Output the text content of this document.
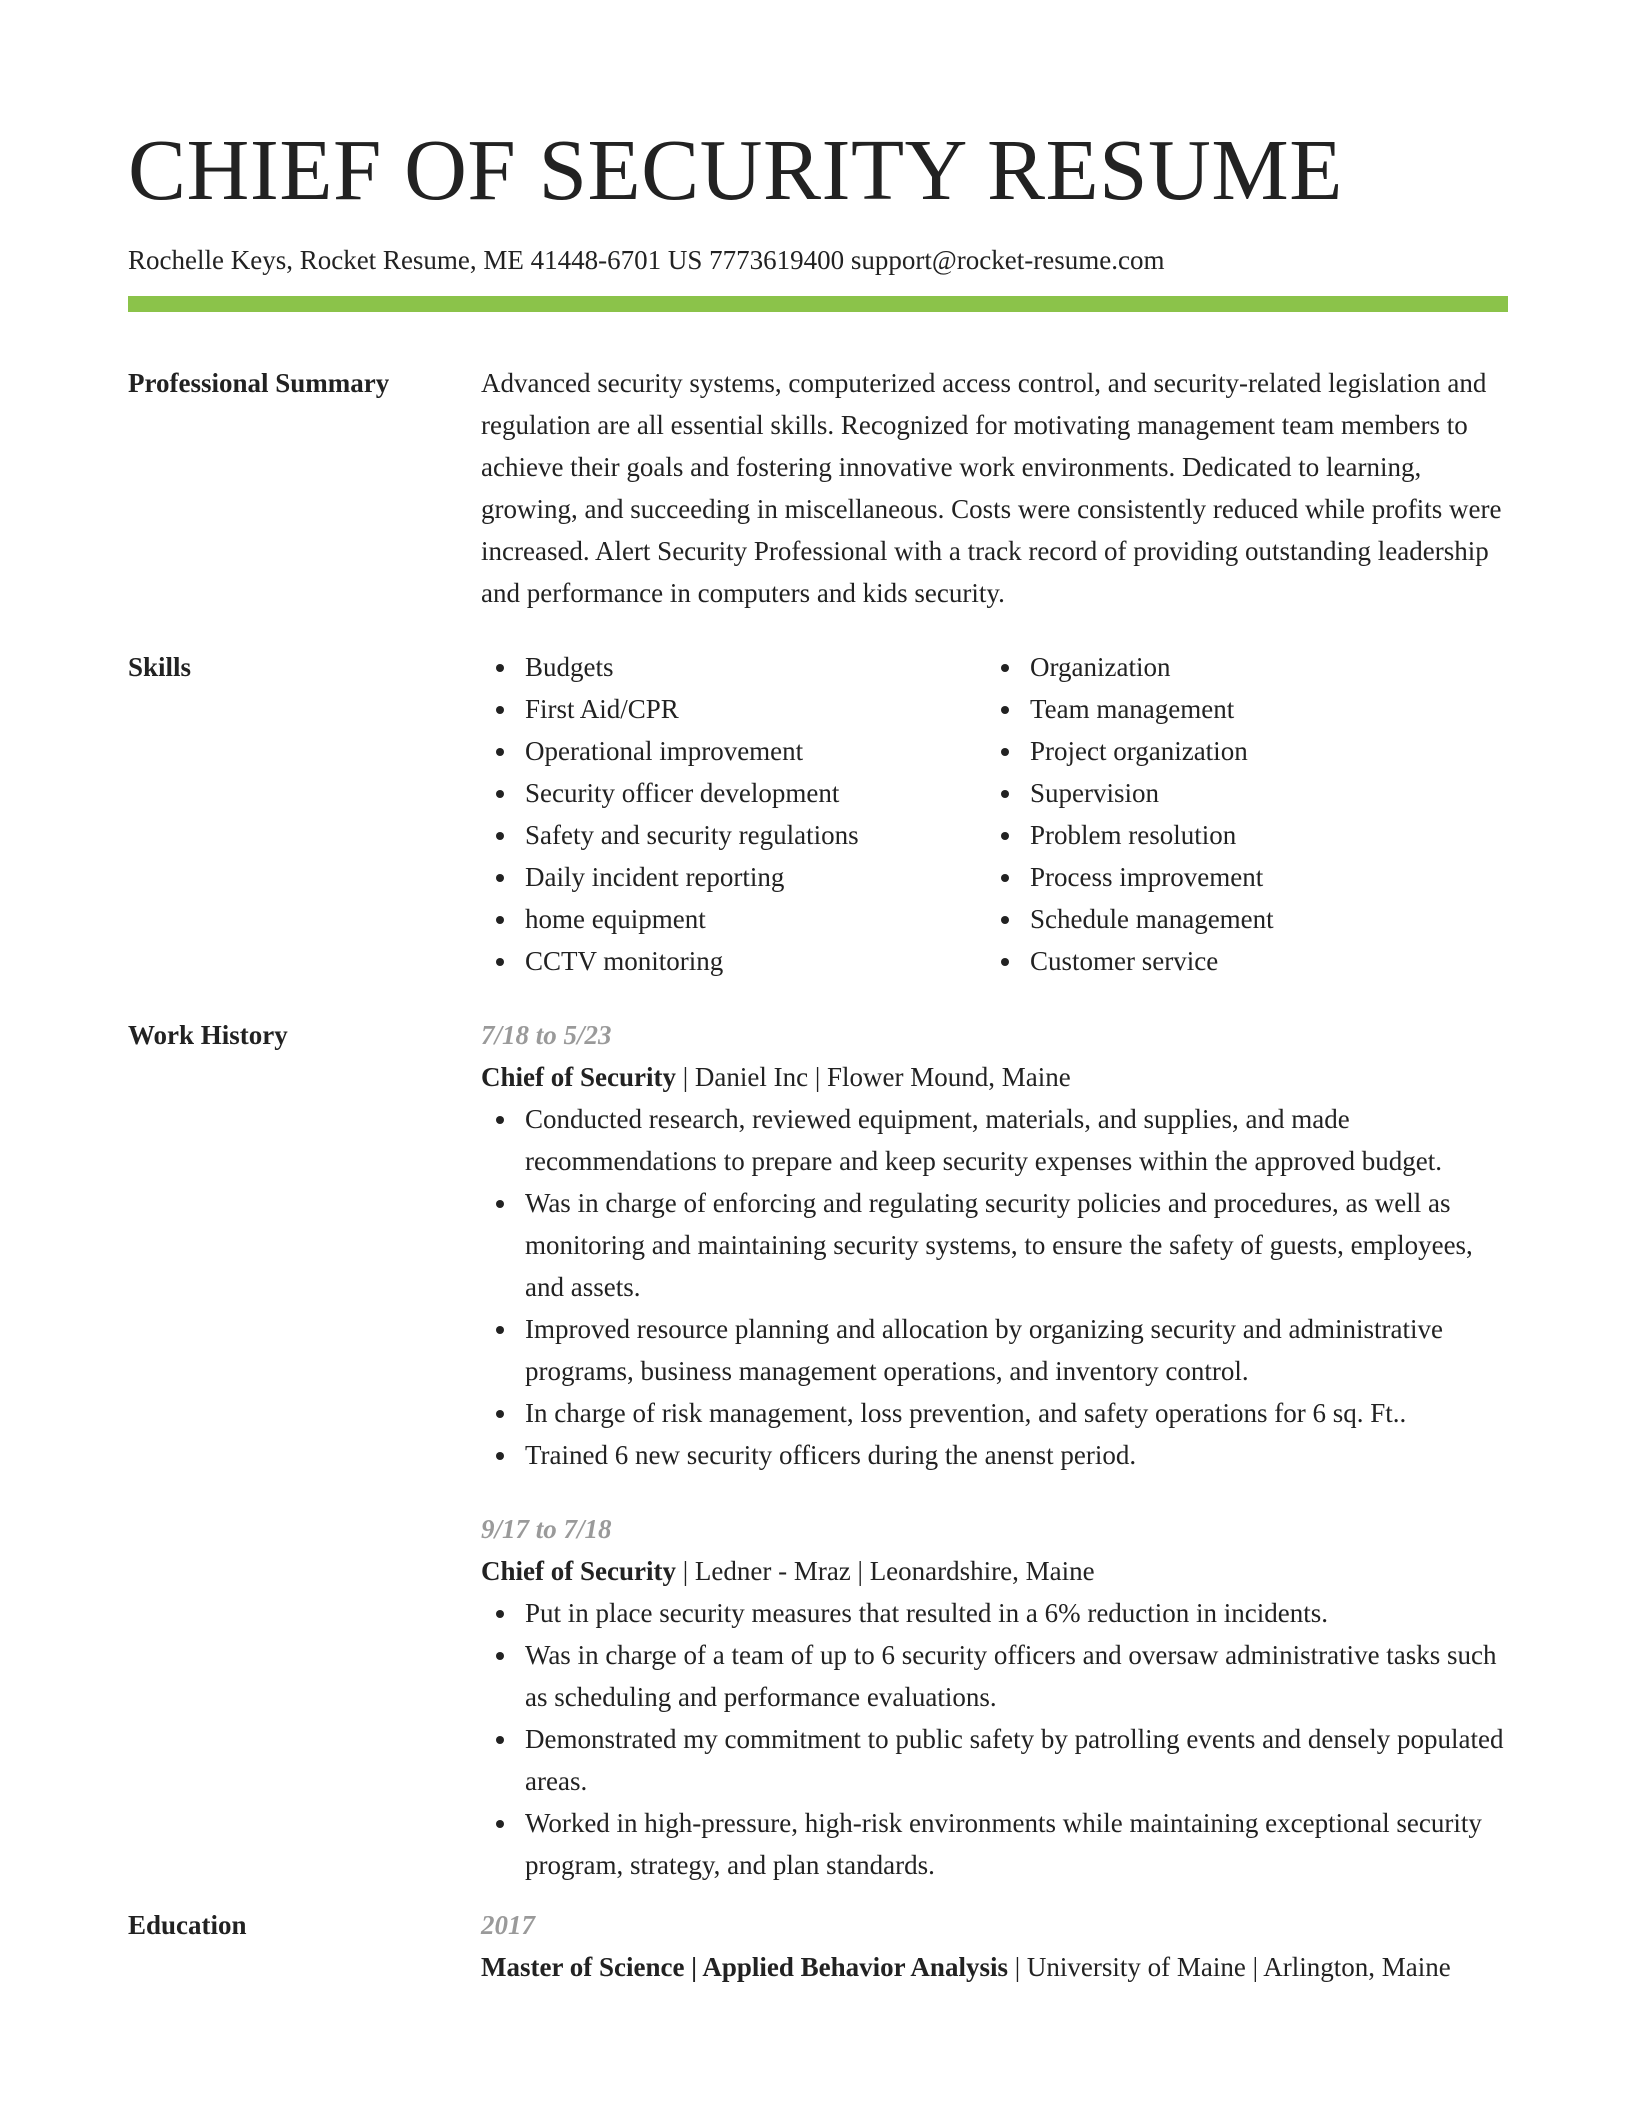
CHIEF OF SECURITY RESUME
Rochelle Keys, Rocket Resume, ME 41448-6701 US 7773619400 support@rocket-resume.com
Professional Summary	Advanced security systems, computerized access control, and security-related legislation and regulation are all essential skills. Recognized for motivating management team members to achieve their goals and fostering innovative work environments. Dedicated to learning, growing, and succeeding in miscellaneous. Costs were consistently reduced while profits were increased. Alert Security Professional with a track record of providing outstanding leadership and performance in computers and kids security.
Skills	Budgets
First Aid/CPR
Operational improvement
Security officer development
Safety and security regulations
Daily incident reporting
home equipment
CCTV monitoring
Organization
Team management
Project organization
Supervision
Problem resolution
Process improvement
Schedule management
Customer service
Work History	7/18 to 5/23
Chief of Security | Daniel Inc | Flower Mound, Maine
Conducted research, reviewed equipment, materials, and supplies, and made recommendations to prepare and keep security expenses within the approved budget.
Was in charge of enforcing and regulating security policies and procedures, as well as monitoring and maintaining security systems, to ensure the safety of guests, employees, and assets.
Improved resource planning and allocation by organizing security and administrative programs, business management operations, and inventory control.
In charge of risk management, loss prevention, and safety operations for 6 sq. Ft..
Trained 6 new security officers during the anenst period.
9/17 to 7/18
Chief of Security | Ledner - Mraz | Leonardshire, Maine
Put in place security measures that resulted in a 6% reduction in incidents.
Was in charge of a team of up to 6 security officers and oversaw administrative tasks such as scheduling and performance evaluations.
Demonstrated my commitment to public safety by patrolling events and densely populated areas.
Worked in high-pressure, high-risk environments while maintaining exceptional security program, strategy, and plan standards.
Education	2017
Master of Science | Applied Behavior Analysis | University of Maine | Arlington, Maine
